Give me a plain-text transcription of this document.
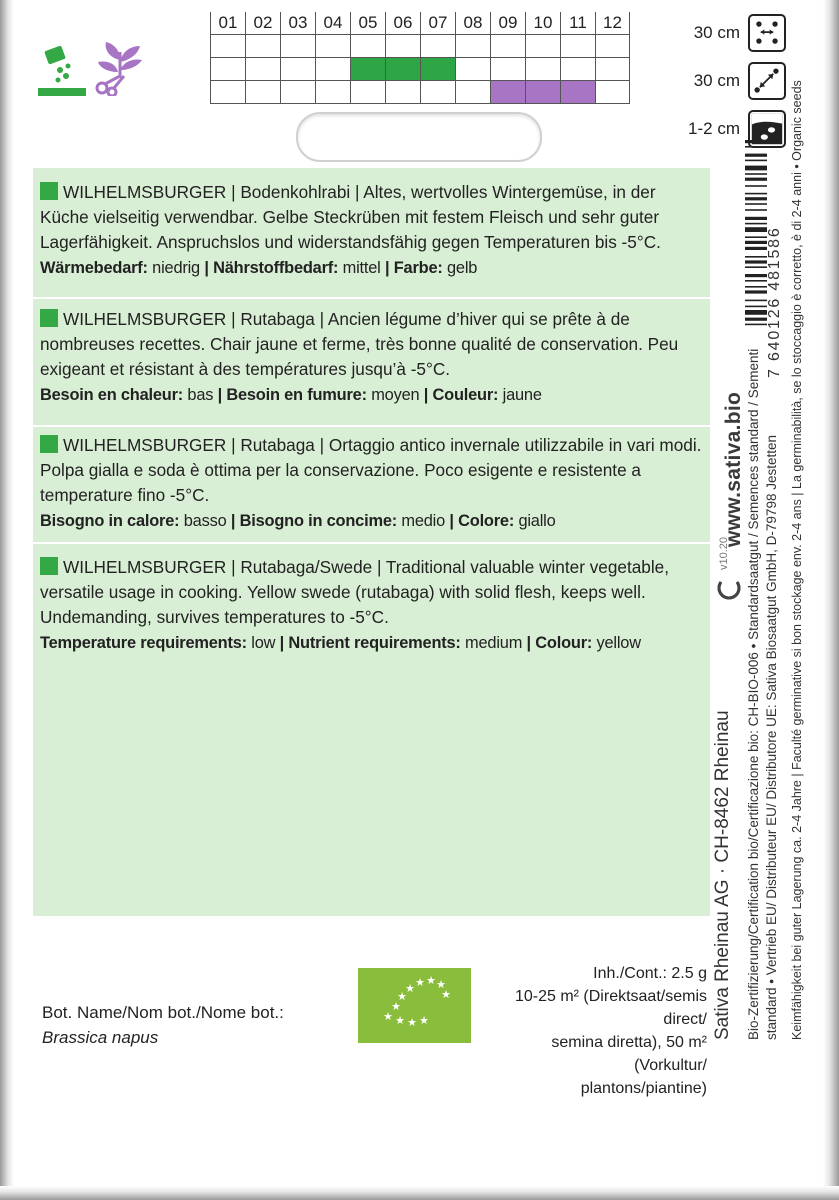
01 02 03 04 05 06 07 08 09 10 11 12
30 cm
30 cm
1-2 cm
WILHELMSBURGER | Bodenkohlrabi | Altes, wertvolles Wintergemüse, in der Küche vielseitig verwendbar. Gelbe Steckrüben mit festem Fleisch und sehr guter Lagerfähigkeit. Anspruchslos und widerstandsfähig gegen Temperaturen bis -5°C.
Wärmebedarf: niedrig | Nährstoffbedarf: mittel | Farbe: gelb
WILHELMSBURGER | Rutabaga | Ancien légume d’hiver qui se prête à de nombreuses recettes. Chair jaune et ferme, très bonne qualité de conservation. Peu exigeant et résistant à des températures jusqu’à -5°C.
Besoin en chaleur: bas | Besoin en fumure: moyen | Couleur: jaune
WILHELMSBURGER | Rutabaga | Ortaggio antico invernale utilizzabile in vari modi. Polpa gialla e soda è ottima per la conservazione. Poco esigente e resistente a temperature fino -5°C.
Bisogno in calore: basso | Bisogno in concime: medio | Colore: giallo
WILHELMSBURGER | Rutabaga/Swede | Traditional valuable winter vegetable, versatile usage in cooking. Yellow swede (rutabaga) with solid flesh, keeps well. Undemanding, survives temperatures to -5°C.
Temperature requirements: low | Nutrient requirements: medium | Colour: yellow
7 640126 481586
www.sativa.bio
v10.20
Sativa Rheinau AG · CH-8462 Rheinau Bio-Zertifizierung/Certification bio/Certificazione bio: CH-BIO-006 • Standardsaatgut / Semences standard / Sementi standard • Vertrieb EU/ Distributeur EU/ Distributore UE: Sativa Biosaatgut GmbH, D-79798 Jestetten Keimfähigkeit bei guter Lagerung ca. 2-4 Jahre | Faculté germinative si bon stockage env. 2-4 ans | La germinabilità, se lo stoccaggio è corretto, è di 2-4 anni • Organic seeds
Bot. Name/Nom bot./Nome bot.:
Brassica napus
★
★
★ ★ ★ ★
★
★ ★ ★ ★
Inh./Cont.: 2.5 g
10-25 m² (Direktsaat/semis direct/
semina diretta), 50 m² (Vorkultur/
plantons/piantine)
